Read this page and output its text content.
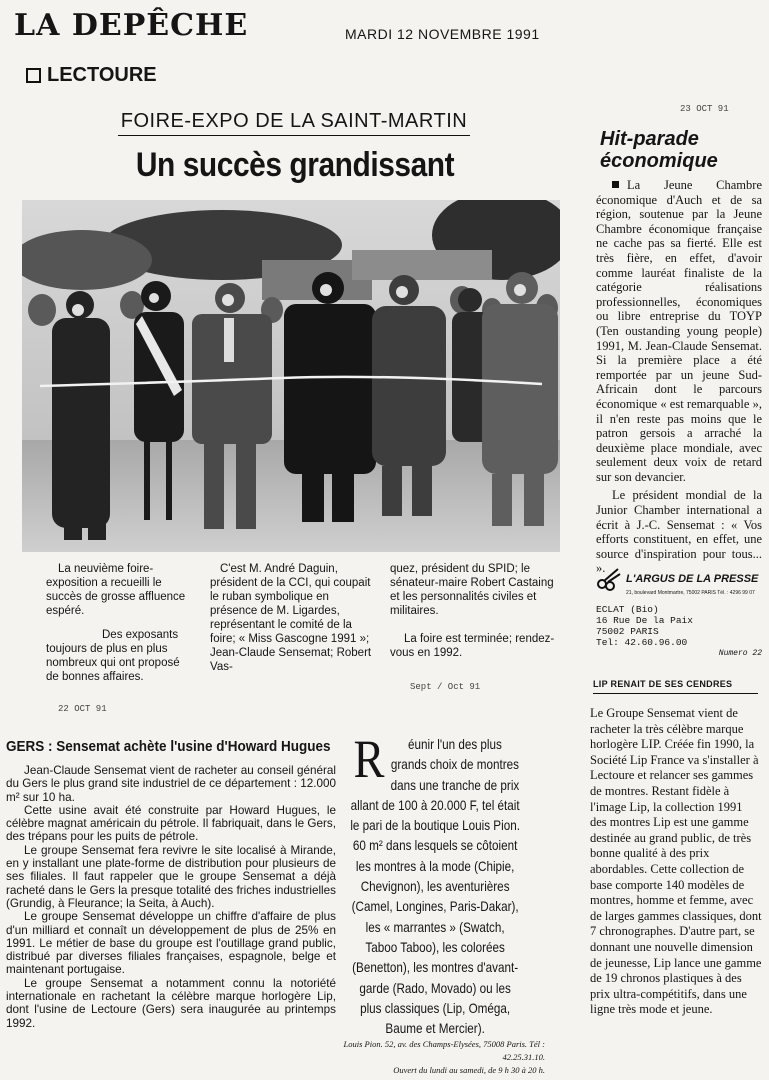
LA DEPÊCHE	MARDI 12 NOVEMBRE 1991
LECTOURE
23 OCT 91
FOIRE-EXPO DE LA SAINT-MARTIN
Un succès grandissant

La neuvième foire-exposition a recueilli le succès de grosse affluence espéré.

Des exposants toujours de plus en plus nombreux qui ont proposé de bonnes affaires.

C'est M. André Daguin, président de la CCI, qui coupait le ruban symbolique en présence de M. Ligardes, représentant le comité de la foire; « Miss Gascogne 1991 »; Jean-Claude Sensemat; Robert Vas-

quez, président du SPID; le sénateur-maire Robert Castaing et les personnalités civiles et militaires.

La foire est terminée; rendez-vous en 1992.

Hit-parade
économique

La Jeune Chambre économique d'Auch et de sa région, soutenue par la Jeune Chambre économique française ne cache pas sa fierté. Elle est très fière, en effet, d'avoir comme lauréat finaliste de la catégorie réalisations professionnelles, économiques ou libre entreprise du TOYP (Ten oustanding young people) 1991, M. Jean-Claude Sensemat. Si la première place a été remportée par un jeune Sud-Africain dont le parcours économique « est remarquable », il n'en reste pas moins que le patron gersois a arraché la deuxième place mondiale, avec seulement deux voix de retard sur son devancier.

Le président mondial de la Junior Chamber international a écrit à J.-C. Sensemat : « Vos efforts constituent, en effet, une source d'inspiration pour tous... ».

L'ARGUS DE LA PRESSE
21, boulevard Montmartre, 75002 PARIS Tél. : 4296 99 07
ECLAT (Bio)
16 Rue De la Paix
75002 PARIS
Tel: 42.60.96.00
Numero 22
LIP RENAIT DE SES CENDRES
Le Groupe Sensemat vient de racheter la très célèbre marque horlogère LIP. Créée fin 1990, la Société Lip France va s'installer à Lectoure et relancer ses gammes de montres. Restant fidèle à l'image Lip, la collection 1991 des montres Lip est une gamme destinée au grand public, de très bonne qualité à des prix abordables. Cette collection de base comporte 140 modèles de montres, homme et femme, avec de larges gammes classiques, dont 7 chronographes. D'autre part, se donnant une nouvelle dimension de jeunesse, Lip lance une gamme de 19 chronos plastiques à des prix ultra-compétitifs, dans une ligne très mode et jeune.
Sept / Oct 91
22 OCT 91
GERS : Sensemat achète l'usine d'Howard Hugues

Jean-Claude Sensemat vient de racheter au conseil général du Gers le plus grand site industriel de ce département : 12.000 m² sur 10 ha.

Cette usine avait été construite par Howard Hugues, le célèbre magnat américain du pétrole. Il fabriquait, dans le Gers, des trépans pour les puits de pétrole.

Le groupe Sensemat fera revivre le site localisé à Mirande, en y installant une plate-forme de distribution pour plusieurs de ses filiales. Il faut rappeler que le groupe Sensemat a déjà racheté dans le Gers la presque totalité des friches industrielles (Grundig, à Fleurance; la Seita, à Auch).

Le groupe Sensemat développe un chiffre d'affaire de plus d'un milliard et connaît un développement de plus de 25% en 1991. Le métier de base du groupe est l'outillage grand public, distribué par diverses filiales françaises, espagnole, belge et maintenant portugaise.

Le groupe Sensemat a notamment connu la notoriété internationale en rachetant la célèbre marque horlogère Lip, dont l'usine de Lectoure (Gers) sera inaugurée au printemps 1992.

R éunir l'un des plus grands choix de montres dans une tranche de prix allant de 100 à 20.000 F, tel était le pari de la boutique Louis Pion. 60 m² dans lesquels se côtoient les montres à la mode (Chipie, Chevignon), les aventurières (Camel, Longines, Paris-Dakar), les « marrantes » (Swatch, Taboo Taboo), les colorées (Benetton), les montres d'avant-garde (Rado, Movado) ou les plus classiques (Lip, Oméga, Baume et Mercier).
Louis Pion. 52, av. des Champs-Elysées, 75008 Paris. Tél : 42.25.31.10.
Ouvert du lundi au samedi, de 9 h 30 à 20 h.
